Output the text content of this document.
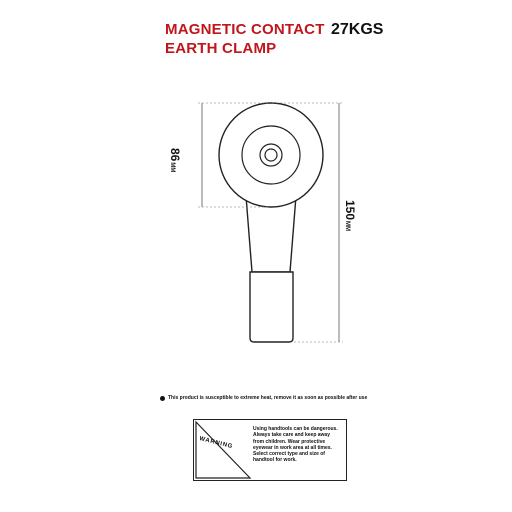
MAGNETIC CONTACT
EARTH CLAMP
27KGS
86MM
150MM
This product is susceptible to extreme heat, remove it as soon as possible after use
WARNING
Using handtools can be dangerous.
Always take care and keep away
from children. Wear protective
eyewear in work area at all times.
Select correct type and size of
handtool for work.
